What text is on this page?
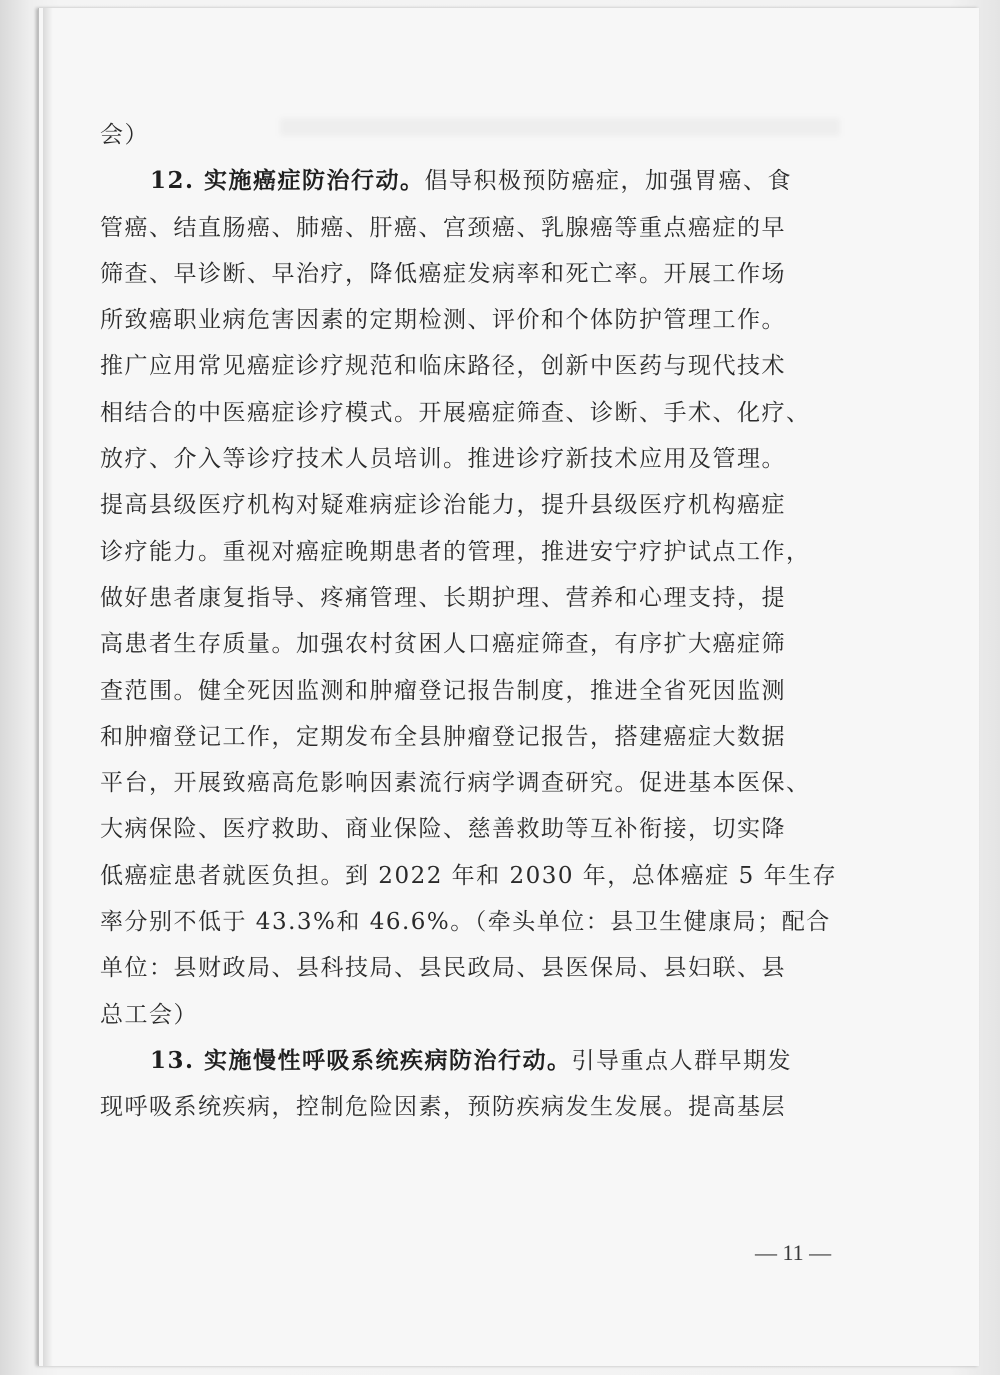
会）
12. 实施癌症防治行动。倡导积极预防癌症，加强胃癌、食
管癌、结直肠癌、肺癌、肝癌、宫颈癌、乳腺癌等重点癌症的早
筛查、早诊断、早治疗，降低癌症发病率和死亡率。开展工作场
所致癌职业病危害因素的定期检测、评价和个体防护管理工作。
推广应用常见癌症诊疗规范和临床路径，创新中医药与现代技术
相结合的中医癌症诊疗模式。开展癌症筛查、诊断、手术、化疗、
放疗、介入等诊疗技术人员培训。推进诊疗新技术应用及管理。
提高县级医疗机构对疑难病症诊治能力，提升县级医疗机构癌症
诊疗能力。重视对癌症晚期患者的管理，推进安宁疗护试点工作，
做好患者康复指导、疼痛管理、长期护理、营养和心理支持，提
高患者生存质量。加强农村贫困人口癌症筛查，有序扩大癌症筛
查范围。健全死因监测和肿瘤登记报告制度，推进全省死因监测
和肿瘤登记工作，定期发布全县肿瘤登记报告，搭建癌症大数据
平台，开展致癌高危影响因素流行病学调查研究。促进基本医保、
大病保险、医疗救助、商业保险、慈善救助等互补衔接，切实降
低癌症患者就医负担。到 2022 年和 2030 年，总体癌症 5 年生存
率分别不低于 43.3%和 46.6%。（牵头单位：县卫生健康局；配合
单位：县财政局、县科技局、县民政局、县医保局、县妇联、县
总工会）
13. 实施慢性呼吸系统疾病防治行动。引导重点人群早期发
现呼吸系统疾病，控制危险因素，预防疾病发生发展。提高基层
— 11 —
